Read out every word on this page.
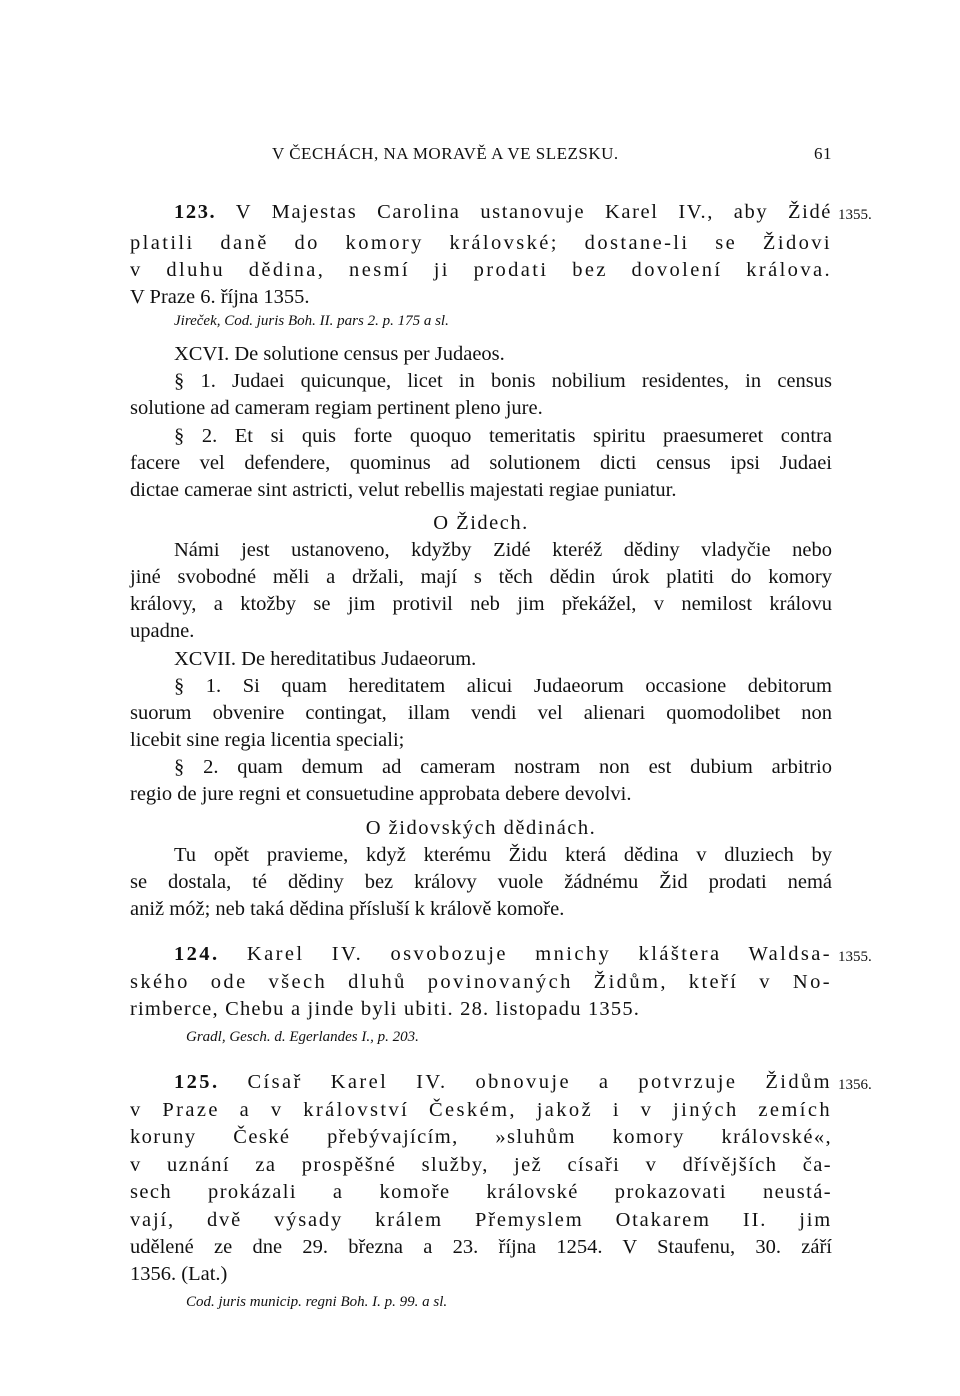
V ČECHÁCH, NA MORAVĚ A VE SLEZSKU.	61
123. V Majestas Carolina ustanovuje Karel IV., aby Židé 1355.
platili daně do komory královské; dostane-li se Židovi
v dluhu dědina, nesmí ji prodati bez dovolení králova.
V Praze 6. října 1355.
Jireček, Cod. juris Boh. II. pars 2. p. 175 a sl.
XCVI. De solutione census per Judaeos.
§ 1. Judaei quicunque, licet in bonis nobilium residentes, in census
solutione ad cameram regiam pertinent pleno jure.
§ 2. Et si quis forte quoquo temeritatis spiritu praesumeret contra
facere vel defendere, quominus ad solutionem dicti census ipsi Judaei
dictae camerae sint astricti, velut rebellis majestati regiae puniatur.
O Židech.
Námi jest ustanoveno, kdyžby Zidé kteréž dědiny vladyčie nebo
jiné svobodné měli a držali, mají s těch dědin úrok platiti do komory
královy, a ktožby se jim protivil neb jim překážel, v nemilost královu
upadne.
XCVII. De hereditatibus Judaeorum.
§ 1. Si quam hereditatem alicui Judaeorum occasione debitorum
suorum obvenire contingat, illam vendi vel alienari quomodolibet non
licebit sine regia licentia speciali;
§ 2. quam demum ad cameram nostram non est dubium arbitrio
regio de jure regni et consuetudine approbata debere devolvi.
O židovských dědinách.
Tu opět pravieme, když kterému Židu která dědina v dluziech by
se dostala, té dědiny bez královy vuole žádnému Žid prodati nemá
aniž móž; neb taká dědina přísluší k králově komoře.
124. Karel IV. osvobozuje mnichy kláštera Waldsa- 1355.
ského ode všech dluhů povinovaných Židům, kteří v No-
rimberce, Chebu a jinde byli ubiti. 28. listopadu 1355.
Gradl, Gesch. d. Egerlandes I., p. 203.
125. Císař Karel IV. obnovuje a potvrzuje Židům 1356.
v Praze a v království Českém, jakož i v jiných zemích
koruny České přebývajícím, »sluhům komory královské«,
v uznání za prospěšné služby, jež císaři v dřívějších ča-
sech prokázali a komoře královské prokazovati neustá-
vají, dvě výsady králem Přemyslem Otakarem II. jim
udělené ze dne 29. března a 23. října 1254. V Staufenu, 30. září
1356. (Lat.)
Cod. juris municip. regni Boh. I. p. 99. a sl.
